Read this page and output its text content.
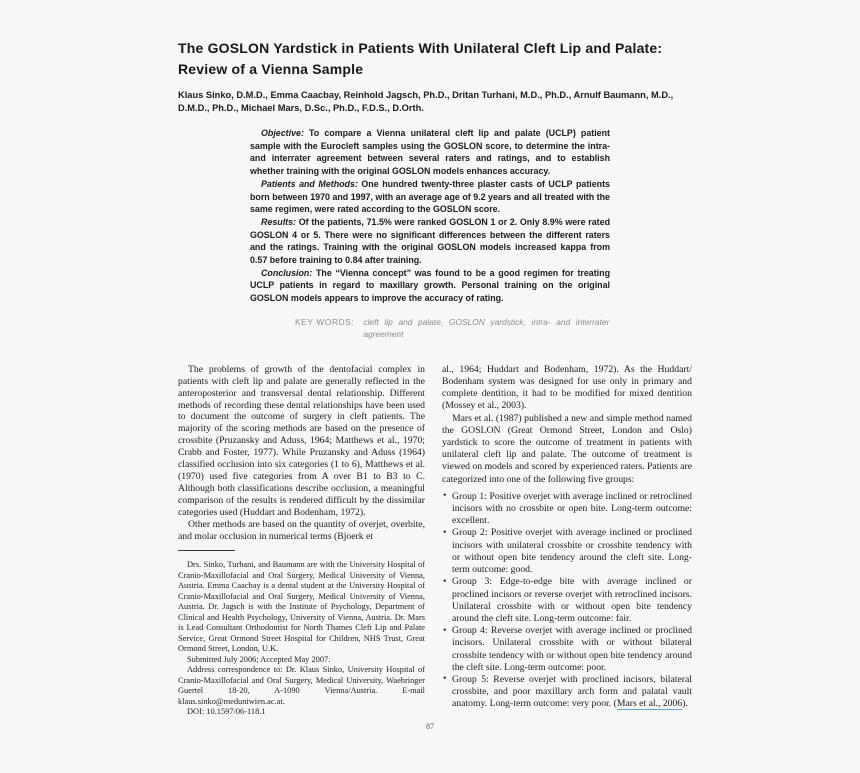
The GOSLON Yardstick in Patients With Unilateral Cleft Lip and Palate:
Review of a Vienna Sample
Klaus Sinko, D.M.D., Emma Caacbay, Reinhold Jagsch, Ph.D., Dritan Turhani, M.D., Ph.D., Arnulf Baumann, M.D., D.M.D., Ph.D., Michael Mars, D.Sc., Ph.D., F.D.S., D.Orth.

Objective: To compare a Vienna unilateral cleft lip and palate (UCLP) patient sample with the Eurocleft samples using the GOSLON score, to determine the intra- and interrater agreement between several raters and ratings, and to establish whether training with the original GOSLON models enhances accuracy.

Patients and Methods: One hundred twenty-three plaster casts of UCLP patients born between 1970 and 1997, with an average age of 9.2 years and all treated with the same regimen, were rated according to the GOSLON score.

Results: Of the patients, 71.5% were ranked GOSLON 1 or 2. Only 8.9% were rated GOSLON 4 or 5. There were no significant differences between the different raters and the ratings. Training with the original GOSLON models increased kappa from 0.57 before training to 0.84 after training.

Conclusion: The “Vienna concept” was found to be a good regimen for treating UCLP patients in regard to maxillary growth. Personal training on the original GOSLON models appears to improve the accuracy of rating.

KEY WORDS: cleft lip and palate, GOSLON yardstick, intra- and interrater agreement

The problems of growth of the dentofacial complex in patients with cleft lip and palate are generally reflected in the anteroposterior and transversal dental relationship. Different methods of recording these dental relationships have been used to document the outcome of surgery in cleft patients. The majority of the scoring methods are based on the presence of crossbite (Pruzansky and Aduss, 1964; Matthews et al., 1970; Crabb and Foster, 1977). While Pruzansky and Aduss (1964) classified occlusion into six categories (1 to 6), Matthews et al. (1970) used five categories from A over B1 to B3 to C. Although both classifications describe occlusion, a meaningful comparison of the results is rendered difficult by the dissimilar categories used (Huddart and Bodenham, 1972).

Other methods are based on the quantity of overjet, overbite, and molar occlusion in numerical terms (Bjoerk et

Drs. Sinko, Turhani, and Baumann are with the University Hospital of Cranio-Maxillofacial and Oral Surgery, Medical University of Vienna, Austria. Emma Caacbay is a dental student at the University Hospital of Cranio-Maxillofacial and Oral Surgery, Medical University of Vienna, Austria. Dr. Jagsch is with the Institute of Psychology, Department of Clinical and Health Psychology, University of Vienna, Austria. Dr. Mars is Lead Consultant Orthodontist for North Thames Cleft Lip and Palate Service, Great Ormond Street Hospital for Children, NHS Trust, Great Ormond Street, London, U.K.

Submitted July 2006; Accepted May 2007.

Address correspondence to: Dr. Klaus Sinko, University Hospital of Cranio-Maxillofacial and Oral Surgery, Medical University, Waehringer Guertel 18-20, A-1090 Vienna/Austria. E-mail klaus.sinko@meduniwien.ac.at.

DOI: 10.1597/06-118.1

al., 1964; Huddart and Bodenham, 1972). As the Huddart/ Bodenham system was designed for use only in primary and complete dentition, it had to be modified for mixed dentition (Mossey et al., 2003).

Mars et al. (1987) published a new and simple method named the GOSLON (Great Ormond Street, London and Oslo) yardstick to score the outcome of treatment in patients with unilateral cleft lip and palate. The outcome of treatment is viewed on models and scored by experienced raters. Patients are categorized into one of the following five groups:

• Group 1: Positive overjet with average inclined or retroclined incisors with no crossbite or open bite. Long-term outcome: excellent.

• Group 2: Positive overjet with average inclined or proclined incisors with unilateral crossbite or crossbite tendency with or without open bite tendency around the cleft site. Long-term outcome: good.

• Group 3: Edge-to-edge bite with average inclined or proclined incisors or reverse overjet with retroclined incisors. Unilateral crossbite with or without open bite tendency around the cleft site. Long-term outcome: fair.

• Group 4: Reverse overjet with average inclined or proclined incisors. Unilateral crossbite with or without bilateral crossbite tendency with or without open bite tendency around the cleft site. Long-term outcome: poor.

• Group 5: Reverse overjet with proclined incisors, bilateral crossbite, and poor maxillary arch form and palatal vault anatomy. Long-term outcome: very poor. (Mars et al., 2006).

87
